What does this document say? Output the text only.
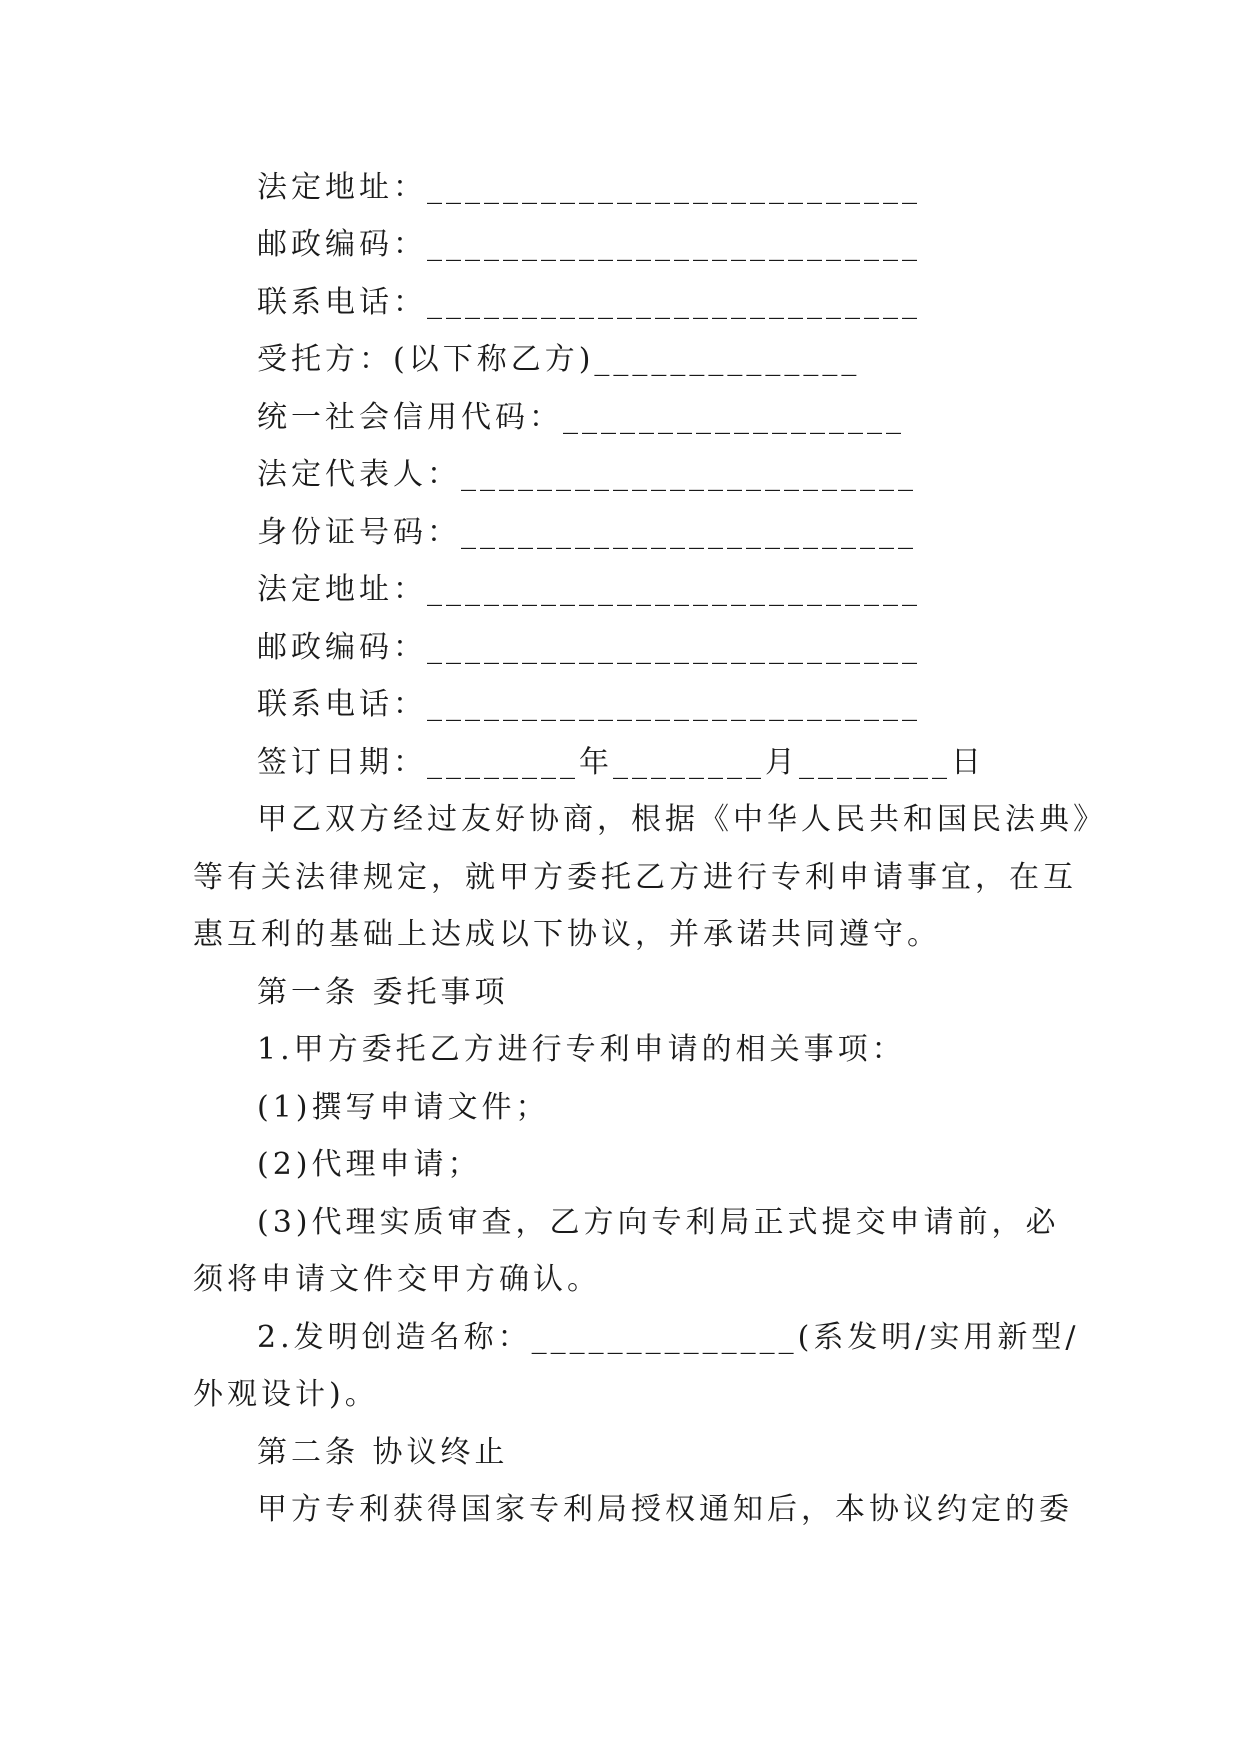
法定地址：__________________________
邮政编码：__________________________
联系电话：__________________________
受托方：(以下称乙方)______________
统一社会信用代码：__________________
法定代表人：________________________
身份证号码：________________________
法定地址：__________________________
邮政编码：__________________________
联系电话：__________________________
签订日期：________年________月________日
甲乙双方经过友好协商，根据《中华人民共和国民法典》
等有关法律规定，就甲方委托乙方进行专利申请事宜，在互
惠互利的基础上达成以下协议，并承诺共同遵守。
第一条 委托事项
1.甲方委托乙方进行专利申请的相关事项：
(1)撰写申请文件；
(2)代理申请；
(3)代理实质审查，乙方向专利局正式提交申请前，必
须将申请文件交甲方确认。
2.发明创造名称：______________(系发明/实用新型/
外观设计)。
第二条 协议终止
甲方专利获得国家专利局授权通知后，本协议约定的委
